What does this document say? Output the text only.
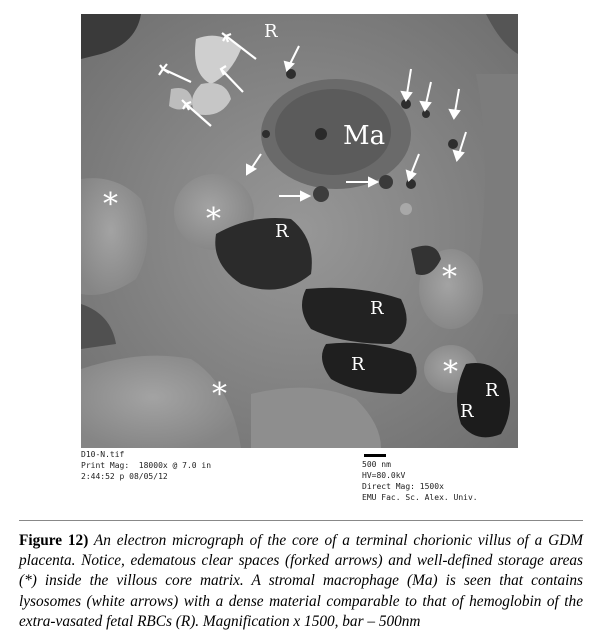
R
Ma
R
R
R
R
R
*	*
*
*
*
D10-N.tif
Print Mag:  18000x @ 7.0 in
2:44:52 p 08/05/12
500 nm
HV=80.0kV
Direct Mag: 1500x
EMU Fac. Sc. Alex. Univ.
Figure 12) An electron micrograph of the core of a terminal chorionic villus of a GDM placenta. Notice, edematous clear spaces (forked arrows) and well-defined storage areas (*) inside the villous core matrix. A stromal macrophage (Ma) is seen that contains lysosomes (white arrows) with a dense material comparable to that of hemoglobin of the extra-vasated fetal RBCs (R). Magnification x 1500, bar – 500nm
